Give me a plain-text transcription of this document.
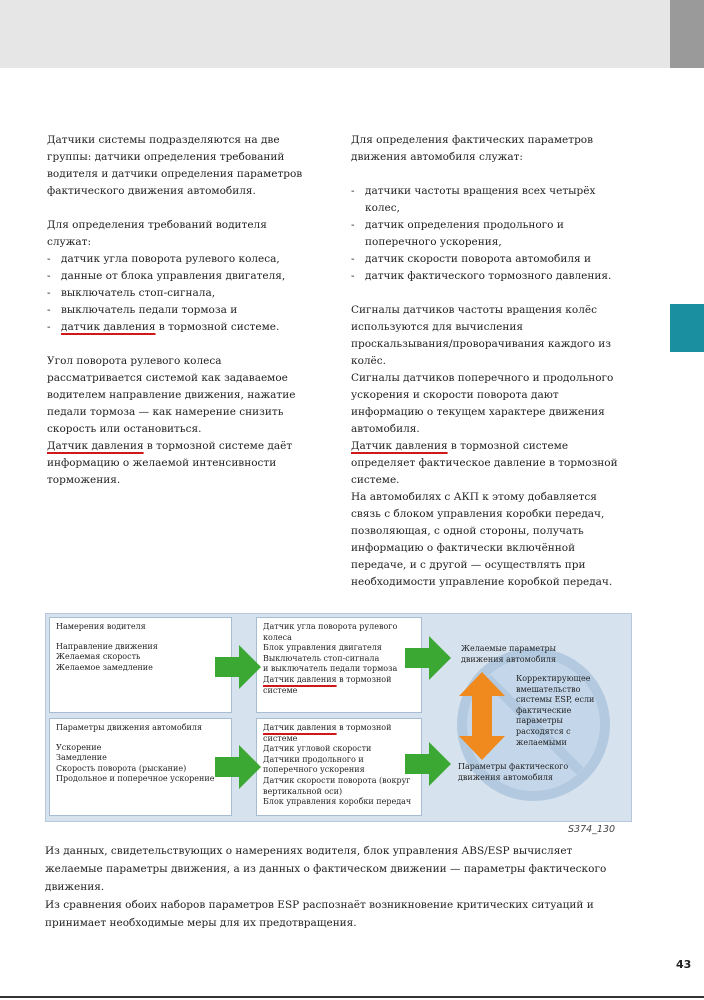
Датчики системы подразделяются на две группы: датчики определения требований водителя и датчики определения параметров фактического движения автомобиля.

Для определения требований водителя служат:

- датчик угла поворота рулевого колеса,
- данные от блока управления двигателя,
- выключатель стоп-сигнала,
- выключатель педали тормоза и
- датчик давления в тормозной системе.

Угол поворота рулевого колеса рассматривается системой как задаваемое водителем направление движения, нажатие педали тормоза — как намерение снизить скорость или остановиться.

Датчик давления в тормозной системе даёт информацию о желаемой интенсивности торможения.

Для определения фактических параметров движения автомобиля служат:

- датчики частоты вращения всех четырёх колес,
- датчик определения продольного и поперечного ускорения,
- датчик скорости поворота автомобиля и
- датчик фактического тормозного давления.

Сигналы датчиков частоты вращения колёс используются для вычисления проскальзывания/проворачивания каждого из колёс.

Сигналы датчиков поперечного и продольного ускорения и скорости поворота дают информацию о текущем характере движения автомобиля.

Датчик давления в тормозной системе определяет фактическое давление в тормозной системе.

На автомобилях с АКП к этому добавляется связь с блоком управления коробки передач, позволяющая, с одной стороны, получать информацию о фактически включённой передаче, и с другой — осуществлять при необходимости управление коробкой передач.

Намерения водителя
Направление движения
Желаемая скорость
Желаемое замедление
Датчик угла поворота рулевого колеса
Блок управления двигателя
Выключатель стоп-сигнала
и выключатель педали тормоза
Датчик давления в тормозной системе
Параметры движения автомобиля
Ускорение
Замедление
Скорость поворота (рыскание)
Продольное и поперечное ускорение
Датчик давления в тормозной системе
Датчик угловой скорости
Датчики продольного и поперечного ускорения
Датчик скорости поворота (вокруг вертикальной оси)
Блок управления коробки передач
Желаемые параметры движения автомобиля
Корректирующее вмешательство системы ESP, если фактические параметры расходятся с желаемыми
Параметры фактического движения автомобиля
S374_130

Из данных, свидетельствующих о намерениях водителя, блок управления ABS/ESP вычисляет желаемые параметры движения, а из данных о фактическом движении — параметры фактического движения.

Из сравнения обоих наборов параметров ESP распознаёт возникновение критических ситуаций и принимает необходимые меры для их предотвращения.

43
